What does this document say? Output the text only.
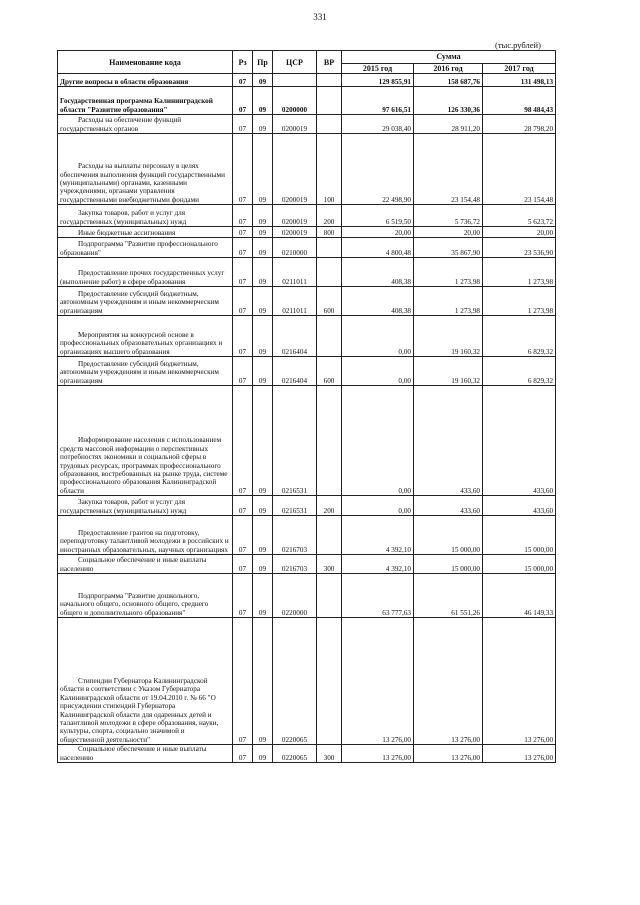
331
(тыс.рублей)
Наименование кода	Рз	Пр	ЦСР	ВР	Сумма		
					2015 год	2016 год	2017 год
Другие вопросы в области образования	07	09			129 855,91	158 687,76	131 498,13
Государственная программа Калининградской области "Развитие образования"	07	09	0200000		97 616,51	126 330,36	98 484,43
Расходы на обеспечение функций государственных органов	07	09	0200019		29 038,40	28 911,20	28 798,20
Расходы на выплаты персоналу в целях обеспечения выполнения функций государственными (муниципальными) органами, казенными учреждениями, органами управления государственными внебюджетными фондами	07	09	0200019	100	22 498,90	23 154,48	23 154,48
Закупка товаров, работ и услуг для государственных (муниципальных) нужд	07	09	0200019	200	6 519,50	5 736,72	5 623,72
Иные бюджетные ассигнования	07	09	0200019	800	20,00	20,00	20,00
Подпрограмма "Развитие профессионального образования"	07	09	0210000		4 800,48	35 867,90	23 536,90
Предоставление прочих государственных услуг (выполнение работ) в сфере образования	07	09	0211011		408,38	1 273,98	1 273,98
Предоставление субсидий бюджетным, автономным учреждениям и иным некоммерческим организациям	07	09	0211011	600	408,38	1 273,98	1 273,98
Мероприятия на конкурсной основе в профессиональных образовательных организациях и организациях высшего образования	07	09	0216404		0,00	19 160,32	6 829,32
Предоставление субсидий бюджетным, автономным учреждениям и иным некоммерческим организациям	07	09	0216404	600	0,00	19 160,32	6 829,32
Информирование населения с использованием средств массовой информации о перспективных потребностях экономики и социальной сферы в трудовых ресурсах, программах профессионального образования, востребованных на рынке труда, системе профессионального образования Калининградской области	07	09	0216531		0,00	433,60	433,60
Закупка товаров, работ и услуг для государственных (муниципальных) нужд	07	09	0216531	200	0,00	433,60	433,60
Предоставление грантов на подготовку, переподготовку талантливой молодежи в российских и иностранных образовательных, научных организациях	07	09	0216703		4 392,10	15 000,00	15 000,00
Социальное обеспечение и иные выплаты населению	07	09	0216703	300	4 392,10	15 000,00	15 000,00
Подпрограмма "Развитие дошкольного, начального общего, основного общего, среднего общего и дополнительного образования"	07	09	0220000		63 777,63	61 551,26	46 149,33
Стипендии Губернатора Калининградской области в соответствии с Указом Губернатора Калининградской области от 19.04.2010 г. № 66 "О присуждении стипендий Губернатора Калининградской области для одаренных детей и талантливой молодежи в сфере образования, науки, культуры, спорта, социально значимой и общественной деятельности"	07	09	0220065		13 276,00	13 276,00	13 276,00
Социальное обеспечение и иные выплаты населению	07	09	0220065	300	13 276,00	13 276,00	13 276,00
